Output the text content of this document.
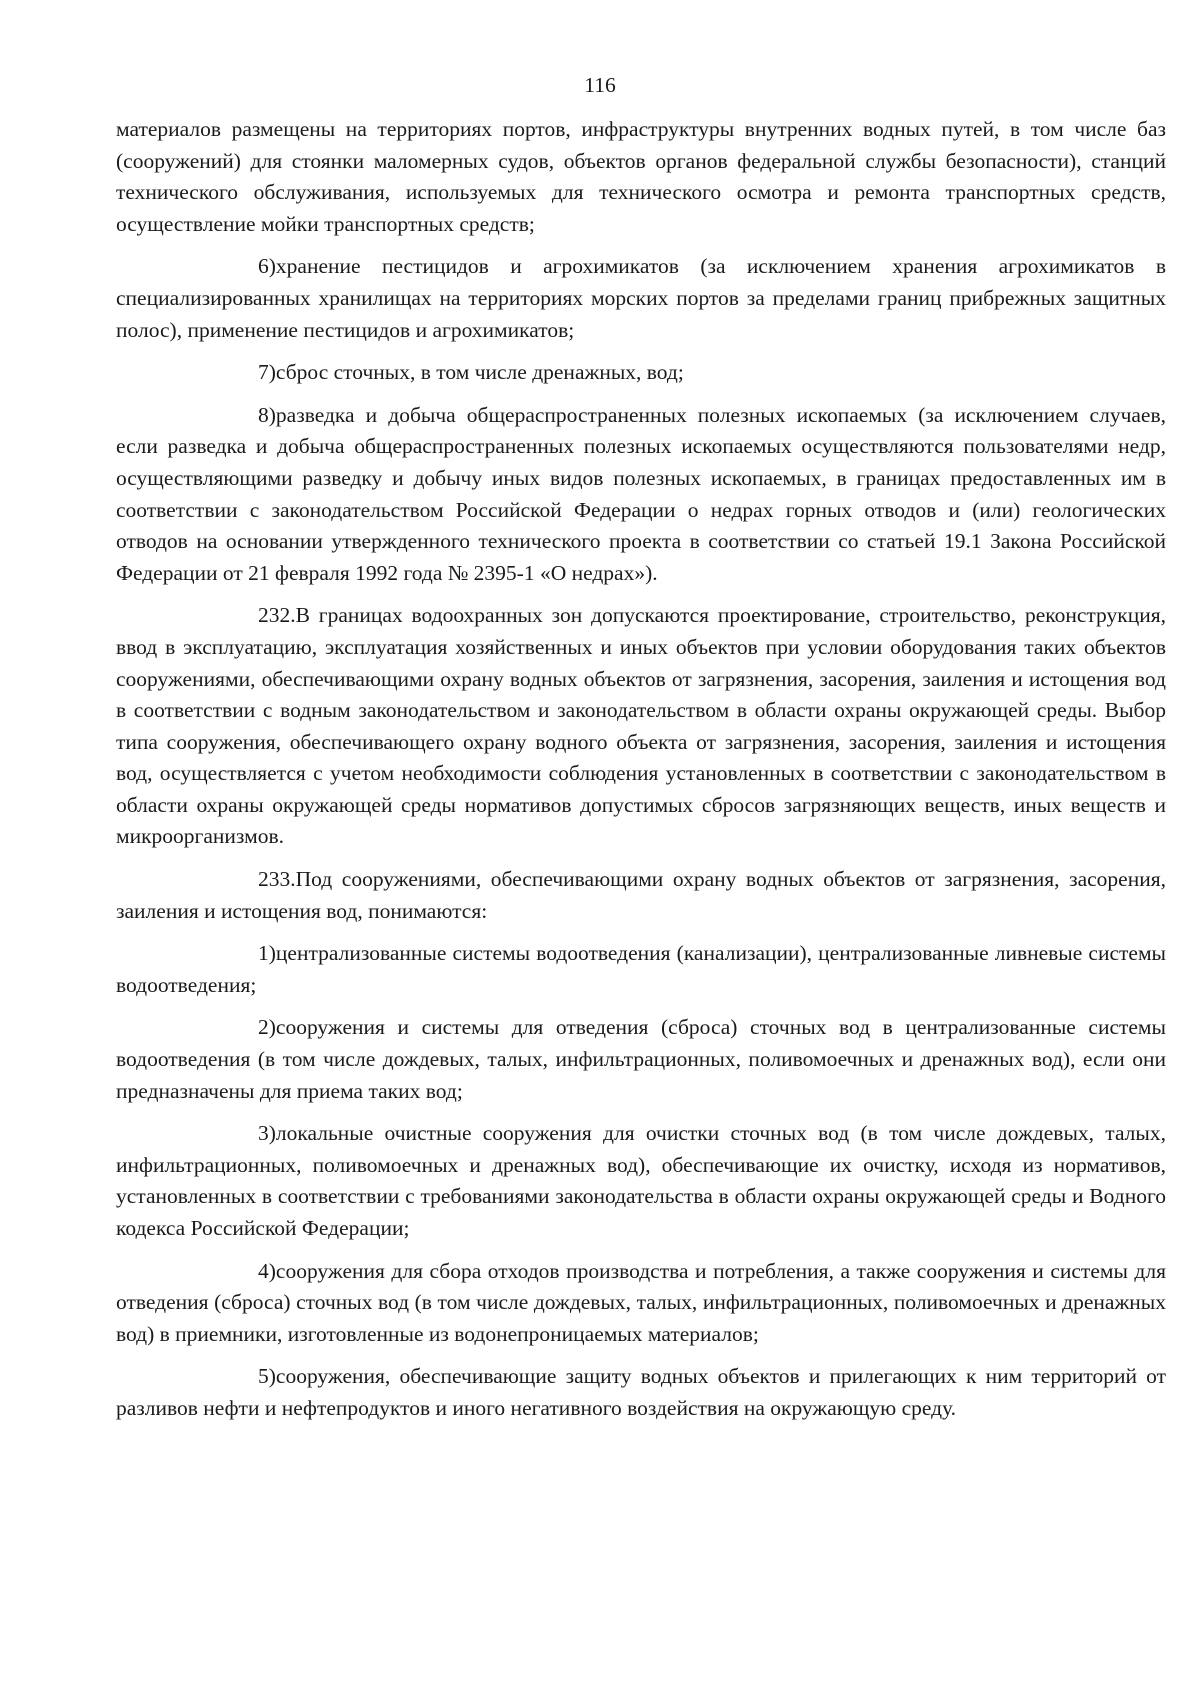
116

материалов размещены на территориях портов, инфраструктуры внутренних водных путей, в том числе баз (сооружений) для стоянки маломерных судов, объектов органов федеральной службы безопасности), станций технического обслуживания, используемых для технического осмотра и ремонта транспортных средств, осуществление мойки транспортных средств;

6)хранение пестицидов и агрохимикатов (за исключением хранения агрохимикатов в специализированных хранилищах на территориях морских портов за пределами границ прибрежных защитных полос), применение пестицидов и агрохимикатов;

7)сброс сточных, в том числе дренажных, вод;

8)разведка и добыча общераспространенных полезных ископаемых (за исключением случаев, если разведка и добыча общераспространенных полезных ископаемых осуществляются пользователями недр, осуществляющими разведку и добычу иных видов полезных ископаемых, в границах предоставленных им в соответствии с законодательством Российской Федерации о недрах горных отводов и (или) геологических отводов на основании утвержденного технического проекта в соответствии со статьей 19.1 Закона Российской Федерации от 21 февраля 1992 года № 2395-1 «О недрах»).

232.В границах водоохранных зон допускаются проектирование, строительство, реконструкция, ввод в эксплуатацию, эксплуатация хозяйственных и иных объектов при условии оборудования таких объектов сооружениями, обеспечивающими охрану водных объектов от загрязнения, засорения, заиления и истощения вод в соответствии с водным законодательством и законодательством в области охраны окружающей среды. Выбор типа сооружения, обеспечивающего охрану водного объекта от загрязнения, засорения, заиления и истощения вод, осуществляется с учетом необходимости соблюдения установленных в соответствии с законодательством в области охраны окружающей среды нормативов допустимых сбросов загрязняющих веществ, иных веществ и микроорганизмов.

233.Под сооружениями, обеспечивающими охрану водных объектов от загрязнения, засорения, заиления и истощения вод, понимаются:

1)централизованные системы водоотведения (канализации), централизованные ливневые системы водоотведения;

2)сооружения и системы для отведения (сброса) сточных вод в централизованные системы водоотведения (в том числе дождевых, талых, инфильтрационных, поливомоечных и дренажных вод), если они предназначены для приема таких вод;

3)локальные очистные сооружения для очистки сточных вод (в том числе дождевых, талых, инфильтрационных, поливомоечных и дренажных вод), обеспечивающие их очистку, исходя из нормативов, установленных в соответствии с требованиями законодательства в области охраны окружающей среды и Водного кодекса Российской Федерации;

4)сооружения для сбора отходов производства и потребления, а также сооружения и системы для отведения (сброса) сточных вод (в том числе дождевых, талых, инфильтрационных, поливомоечных и дренажных вод) в приемники, изготовленные из водонепроницаемых материалов;

5)сооружения, обеспечивающие защиту водных объектов и прилегающих к ним территорий от разливов нефти и нефтепродуктов и иного негативного воздействия на окружающую среду.
